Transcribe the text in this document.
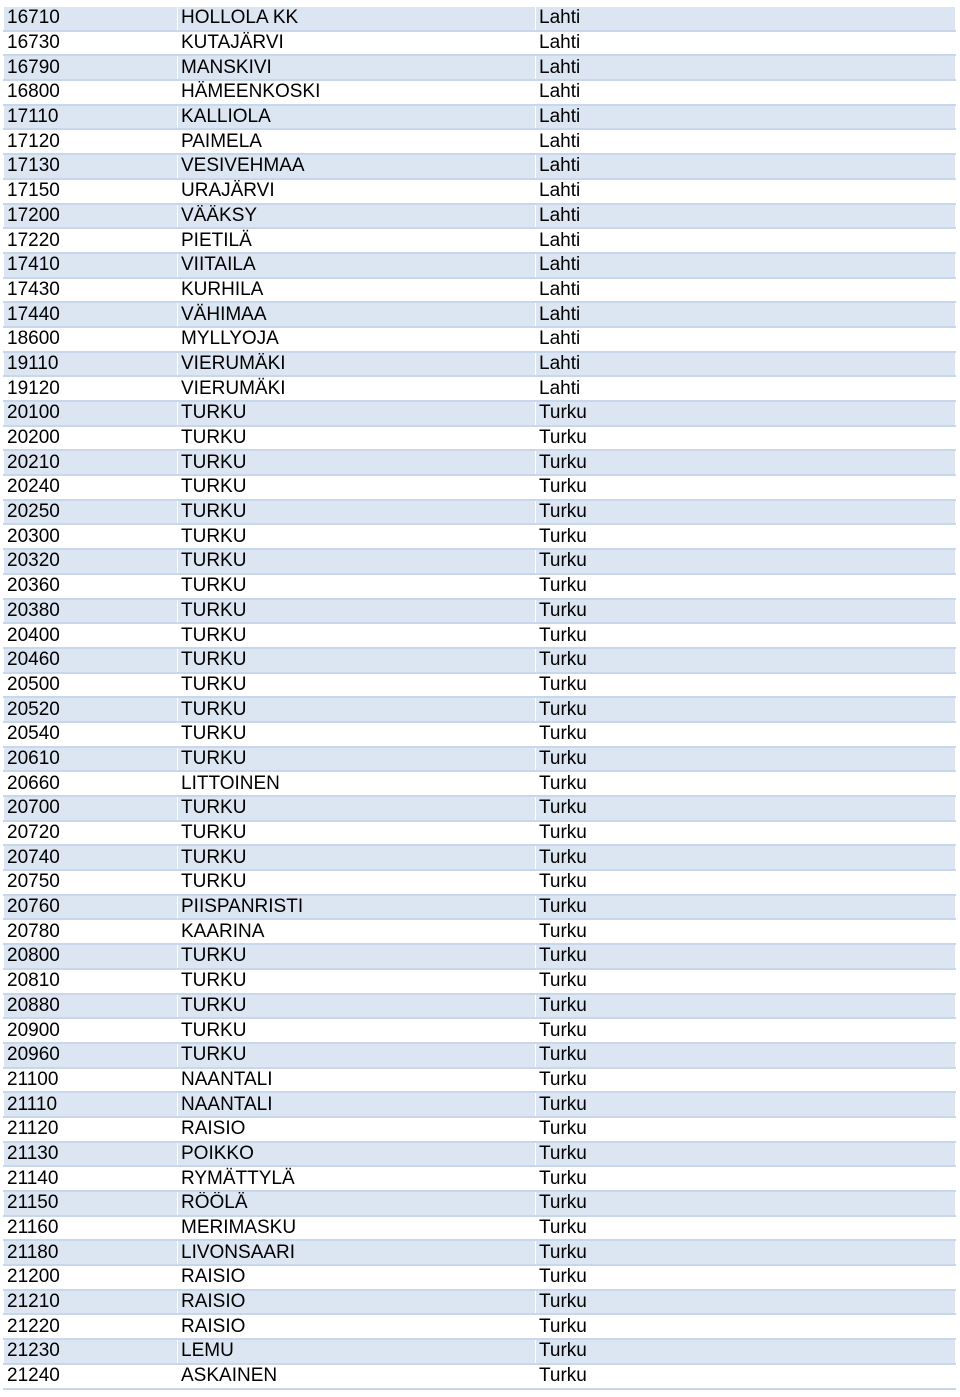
16710	HOLLOLA KK	Lahti
16730	KUTAJÄRVI	Lahti
16790	MANSKIVI	Lahti
16800	HÄMEENKOSKI	Lahti
17110	KALLIOLA	Lahti
17120	PAIMELA	Lahti
17130	VESIVEHMAA	Lahti
17150	URAJÄRVI	Lahti
17200	VÄÄKSY	Lahti
17220	PIETILÄ	Lahti
17410	VIITAILA	Lahti
17430	KURHILA	Lahti
17440	VÄHIMAA	Lahti
18600	MYLLYOJA	Lahti
19110	VIERUMÄKI	Lahti
19120	VIERUMÄKI	Lahti
20100	TURKU	Turku
20200	TURKU	Turku
20210	TURKU	Turku
20240	TURKU	Turku
20250	TURKU	Turku
20300	TURKU	Turku
20320	TURKU	Turku
20360	TURKU	Turku
20380	TURKU	Turku
20400	TURKU	Turku
20460	TURKU	Turku
20500	TURKU	Turku
20520	TURKU	Turku
20540	TURKU	Turku
20610	TURKU	Turku
20660	LITTOINEN	Turku
20700	TURKU	Turku
20720	TURKU	Turku
20740	TURKU	Turku
20750	TURKU	Turku
20760	PIISPANRISTI	Turku
20780	KAARINA	Turku
20800	TURKU	Turku
20810	TURKU	Turku
20880	TURKU	Turku
20900	TURKU	Turku
20960	TURKU	Turku
21100	NAANTALI	Turku
21110	NAANTALI	Turku
21120	RAISIO	Turku
21130	POIKKO	Turku
21140	RYMÄTTYLÄ	Turku
21150	RÖÖLÄ	Turku
21160	MERIMASKU	Turku
21180	LIVONSAARI	Turku
21200	RAISIO	Turku
21210	RAISIO	Turku
21220	RAISIO	Turku
21230	LEMU	Turku
21240	ASKAINEN	Turku
